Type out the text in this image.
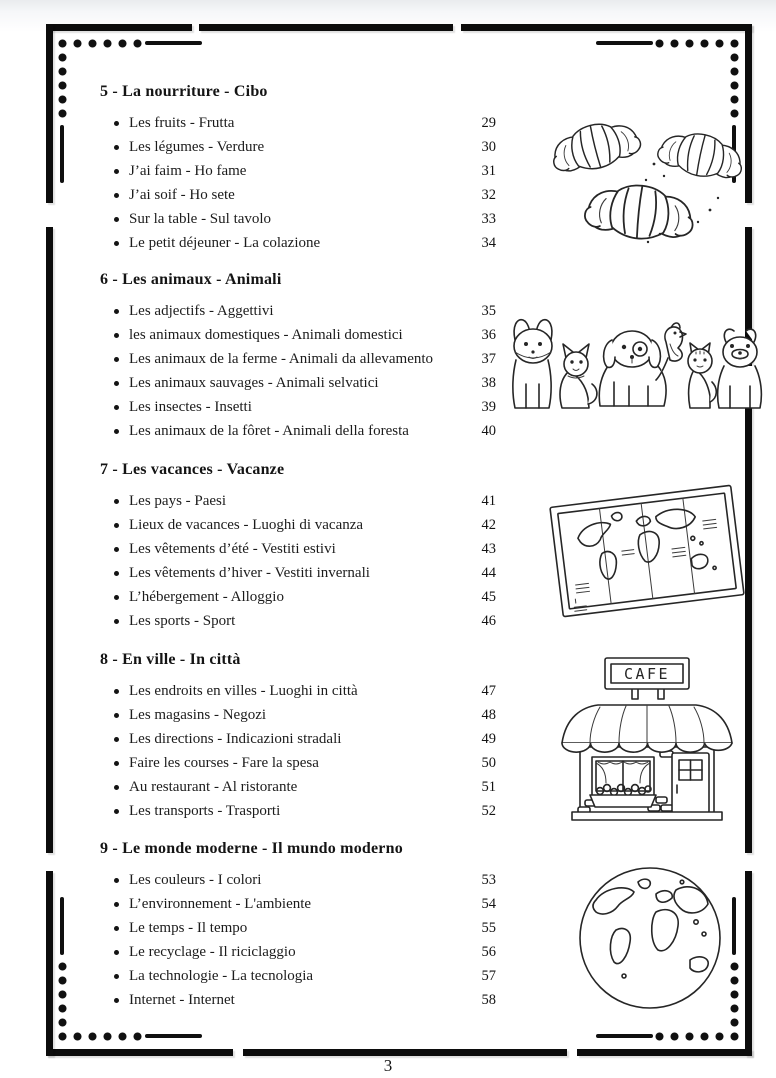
5 - La nourriture - Cibo
Les fruits - Frutta	29
Les légumes - Verdure	30
J’ai faim - Ho fame	31
J’ai soif - Ho sete	32
Sur la table - Sul tavolo	33
Le petit déjeuner - La colazione	34
6 - Les animaux - Animali
Les adjectifs - Aggettivi	35
les animaux domestiques - Animali domestici	36
Les animaux de la ferme - Animali da allevamento	37
Les animaux sauvages - Animali selvatici	38
Les insectes - Insetti	39
Les animaux de la fôret - Animali della foresta	40
7 - Les vacances - Vacanze
Les pays - Paesi	41
Lieux de vacances - Luoghi di vacanza	42
Les vêtements d’été - Vestiti estivi	43
Les vêtements d’hiver - Vestiti invernali	44
L’hébergement - Alloggio	45
Les sports - Sport	46
8 - En ville - In città
Les endroits en villes - Luoghi in città	47
Les magasins - Negozi	48
Les directions - Indicazioni stradali	49
Faire les courses - Fare la spesa	50
Au restaurant - Al ristorante	51
Les transports - Trasporti	52
9 - Le monde moderne - Il mundo moderno
Les couleurs - I colori	53
L’environnement - L'ambiente	54
Le temps - Il tempo	55
Le recyclage - Il riciclaggio	56
La technologie - La tecnologia	57
Internet - Internet	58
CAFE
3
